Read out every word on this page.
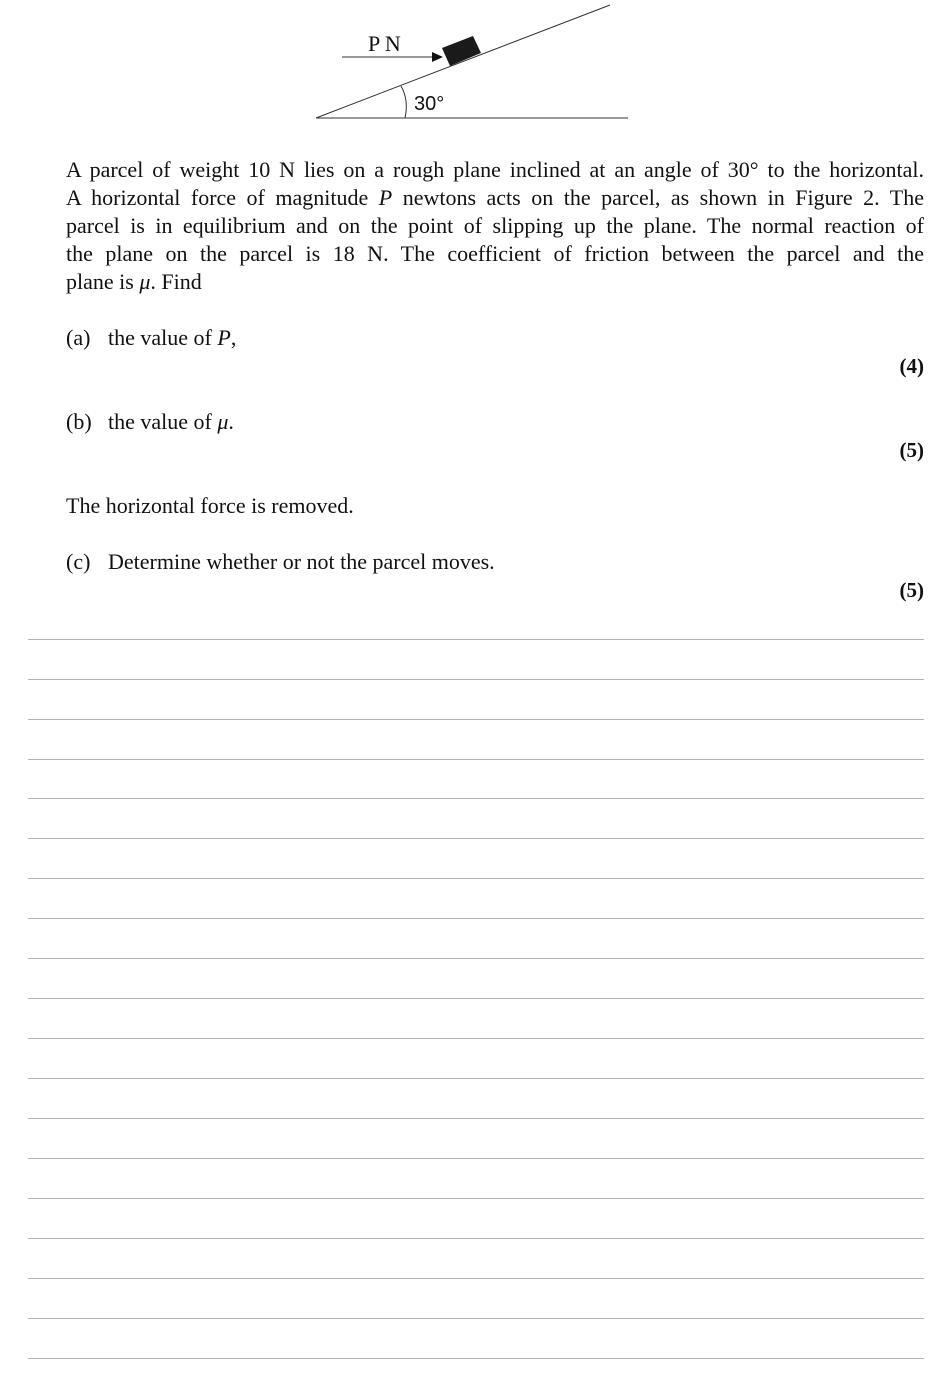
P N
30°
A parcel of weight 10 N lies on a rough plane inclined at an angle of 30° to the horizontal.
A horizontal force of magnitude P newtons acts on the parcel, as shown in Figure 2. The
parcel is in equilibrium and on the point of slipping up the plane. The normal reaction of
the plane on the parcel is 18 N. The coefficient of friction between the parcel and the
plane is μ. Find
(a) the value of P,
(4)
(b) the value of μ.
(5)
The horizontal force is removed.
(c) Determine whether or not the parcel moves.
(5)
